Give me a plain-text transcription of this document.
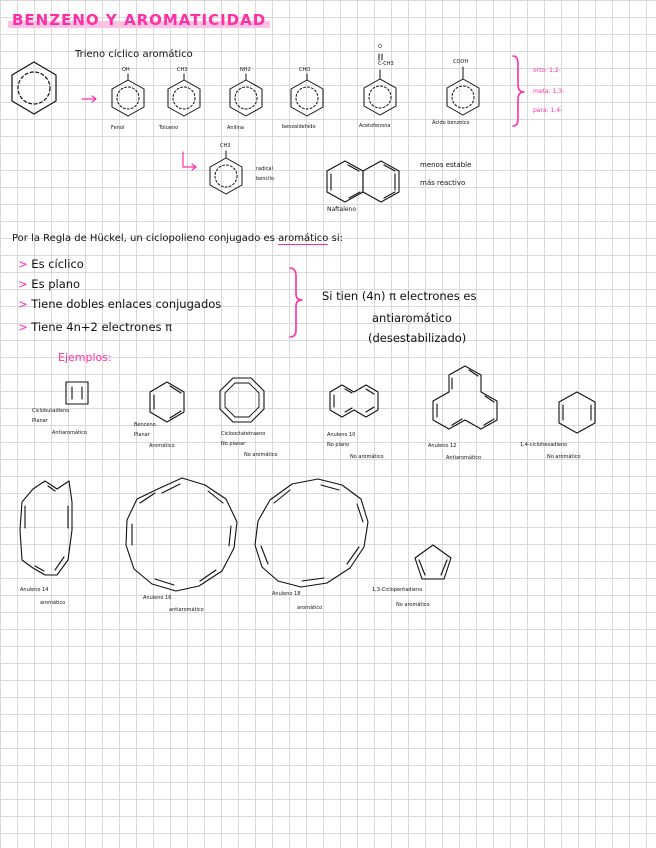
BENZENO Y AROMATICIDAD
Trieno cíclico aromático
OH	CH3	NH2	CHO
O
C-CH3	COOH
CH3
Fenol	Tolueno	Anilina	benzaldehído	Acetofenona	Ácido benzoico
orto: 1,2-
meta: 1,3-
para: 1,4-
radical
bencilo
Naftaleno
menos estable
más reactivo
Por la Regla de Hückel, un ciclopolieno conjugado es aromático si:
> Es cíclico
> Es plano
> Tiene dobles enlaces conjugados
> Tiene 4n+2 electrones π
Si tien (4n) π electrones es
antiaromático
(desestabilizado)
Ejemplos:
Ciclobutadieno
Planar
Antiaromático
Benceno
Planar
Aromático
Ciclooctatetraeno
No planar
No aromático
Anuleno 10
No plano
No aromático
Anuleno 12
Antiaromático
1,4-ciclohexadieno
No aromático
Anuleno 14
aromático
Anuleno 16
antiaromático
Anuleno 18
aromático
1,3-Ciclopentadieno
No aromático
